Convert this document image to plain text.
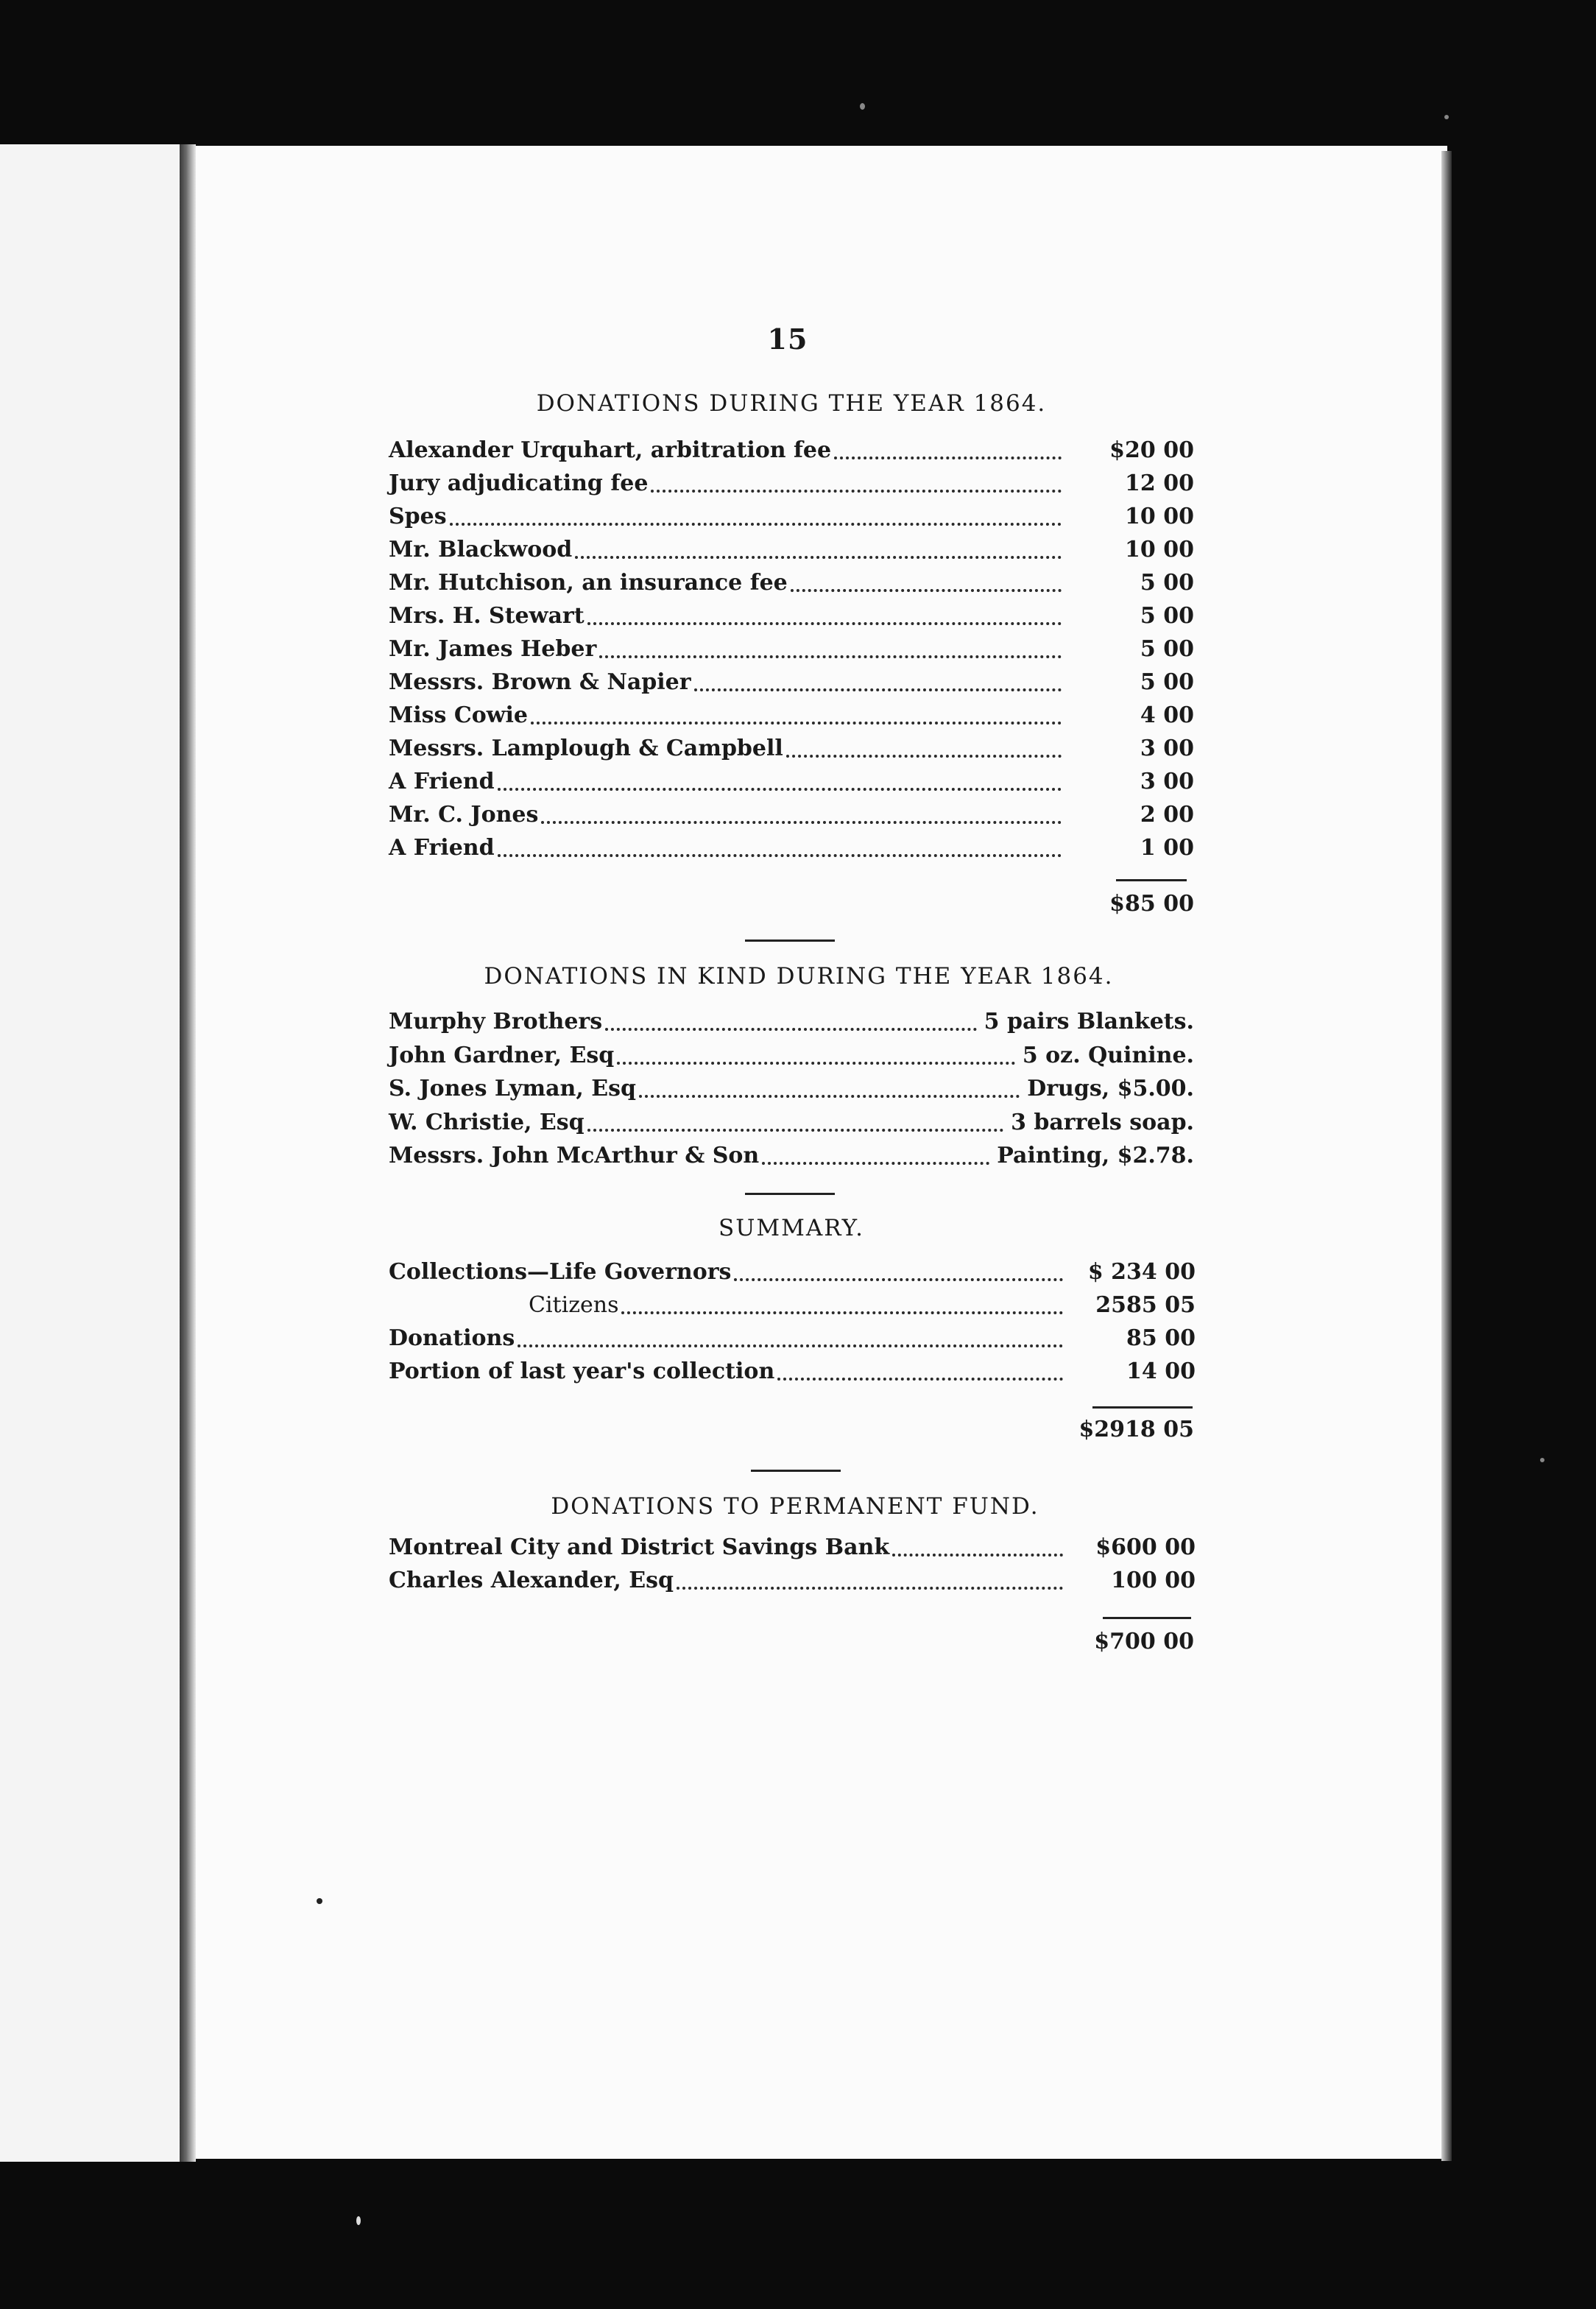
15
DONATIONS DURING THE YEAR 1864.
Alexander Urquhart, arbitration fee	$20 00
Jury adjudicating fee	12 00
Spes	10 00
Mr. Blackwood	10 00
Mr. Hutchison, an insurance fee	5 00
Mrs. H. Stewart	5 00
Mr. James Heber	5 00
Messrs. Brown & Napier	5 00
Miss Cowie	4 00
Messrs. Lamplough & Campbell	3 00
A Friend	3 00
Mr. C. Jones	2 00
A Friend	1 00
$85 00
DONATIONS IN KIND DURING THE YEAR 1864.
Murphy Brothers	5 pairs Blankets.
John Gardner, Esq	5 oz. Quinine.
S. Jones Lyman, Esq	Drugs, $5.00.
W. Christie, Esq	3 barrels soap.
Messrs. John McArthur & Son	Painting, $2.78.
SUMMARY.
Collections—Life Governors	$ 234 00
Citizens	2585 05
Donations	85 00
Portion of last year's collection	14 00
$2918 05
DONATIONS TO PERMANENT FUND.
Montreal City and District Savings Bank	$600 00
Charles Alexander, Esq	100 00
$700 00
